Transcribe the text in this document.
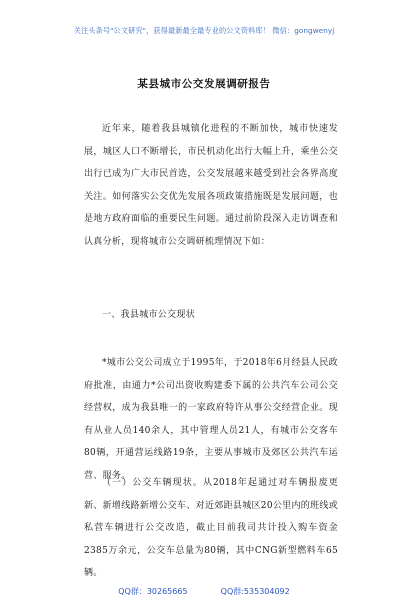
关注头条号"公文研究"，获得最新最全最专业的公文资料库！ 微信：gongwenyj
某县城市公交发展调研报告

近年来，随着我县城镇化进程的不断加快，城市快速发展，城区人口不断增长，市民机动化出行大幅上升，乘坐公交出行已成为广大市民首选，公交发展越来越受到社会各界高度关注。如何落实公交优先发展各项政策措施既是发展问题，也是地方政府面临的重要民生问题。通过前阶段深入走访调查和认真分析，现将城市公交调研梳理情况下如：

一、我县城市公交现状

*城市公交公司成立于1995年，于2018年6月经县人民政府批准，由通力*公司出资收购建委下属的公共汽车公司公交经营权，成为我县唯一的一家政府特许从事公交经营企业。现有从业人员140余人，其中管理人员21人，有城市公交客车80辆，开通营运线路19条，主要从事城市及郊区公共汽车运营、服务。

（一）公交车辆现状。从2018年起通过对车辆报废更新、新增线路新增公交车、对近郊距县城区20公里内的班线或私营车辆进行公交改造，截止目前我司共计投入购车资金2385万余元，公交车总量为80辆，其中CNG新型燃料车65辆。

QQ群：30265665	QQ群:535304092
